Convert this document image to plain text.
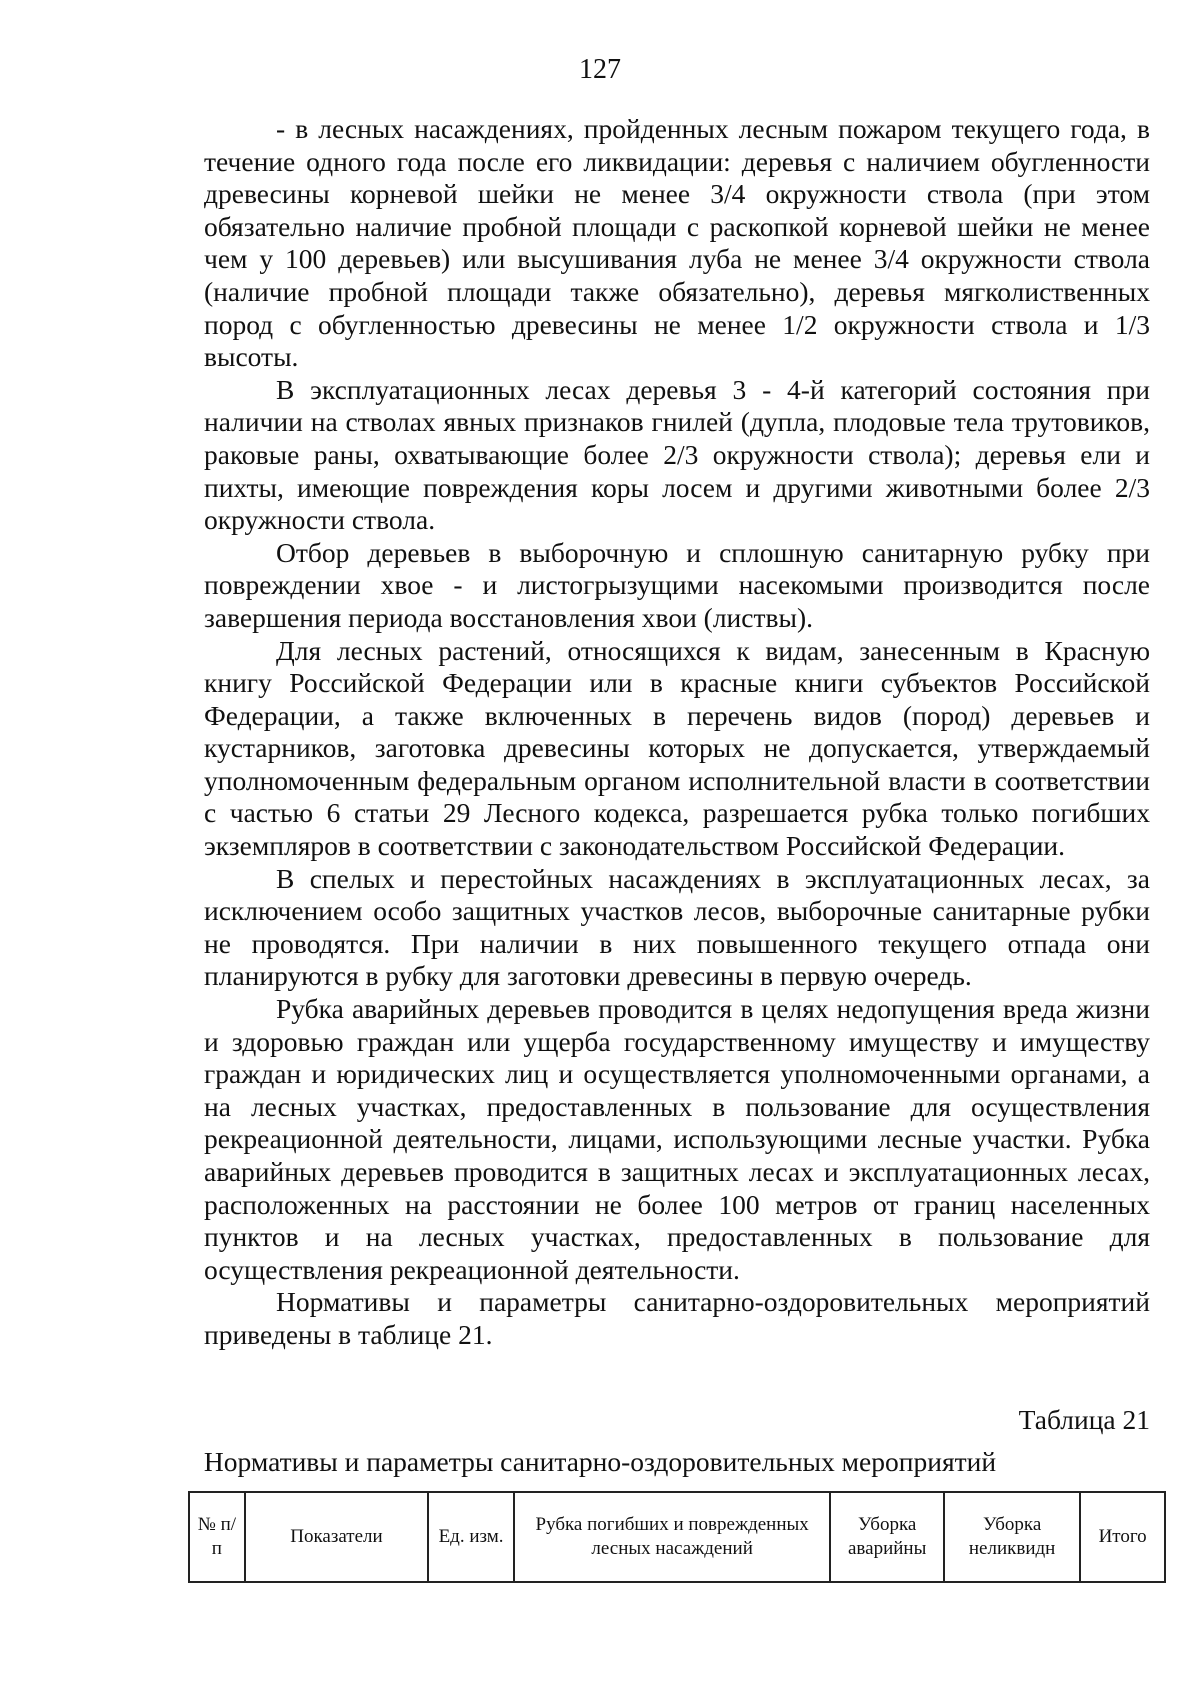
127

- в лесных насаждениях, пройденных лесным пожаром текущего года, в течение одного года после его ликвидации: деревья с наличием обугленности древесины корневой шейки не менее 3/4 окружности ствола (при этом обязательно наличие пробной площади с раскопкой корневой шейки не менее чем у 100 деревьев) или высушивания луба не менее 3/4 окружности ствола (наличие пробной площади также обязательно), деревья мягколиственных пород с обугленностью древесины не менее 1/2 окружности ствола и 1/3 высоты.

В эксплуатационных лесах деревья 3 - 4-й категорий состояния при наличии на стволах явных признаков гнилей (дупла, плодовые тела трутовиков, раковые раны, охватывающие более 2/3 окружности ствола); деревья ели и пихты, имеющие повреждения коры лосем и другими животными более 2/3 окружности ствола.

Отбор деревьев в выборочную и сплошную санитарную рубку при повреждении хвое - и листогрызущими насекомыми производится после завершения периода восстановления хвои (листвы).

Для лесных растений, относящихся к видам, занесенным в Красную книгу Российской Федерации или в красные книги субъектов Российской Федерации, а также включенных в перечень видов (пород) деревьев и кустарников, заготовка древесины которых не допускается, утверждаемый уполномоченным федеральным органом исполнительной власти в соответствии с частью 6 статьи 29 Лесного кодекса, разрешается рубка только погибших экземпляров в соответствии с законодательством Российской Федерации.

В спелых и перестойных насаждениях в эксплуатационных лесах, за исключением особо защитных участков лесов, выборочные санитарные рубки не проводятся. При наличии в них повышенного текущего отпада они планируются в рубку для заготовки древесины в первую очередь.

Рубка аварийных деревьев проводится в целях недопущения вреда жизни и здоровью граждан или ущерба государственному имуществу и имуществу граждан и юридических лиц и осуществляется уполномоченными органами, а на лесных участках, предоставленных в пользование для осуществления рекреационной деятельности, лицами, использующими лесные участки. Рубка аварийных деревьев проводится в защитных лесах и эксплуатационных лесах, расположенных на расстоянии не более 100 метров от границ населенных пунктов и на лесных участках, предоставленных в пользование для осуществления рекреационной деятельности.

Нормативы и параметры санитарно-оздоровительных мероприятий приведены в таблице 21.

Таблица 21
Нормативы и параметры санитарно-оздоровительных мероприятий
№ п/п	Показатели	Ед. изм.	Рубка погибших и поврежденных лесных насаждений	Уборка аварийны	Уборка неликвидн	Итого
